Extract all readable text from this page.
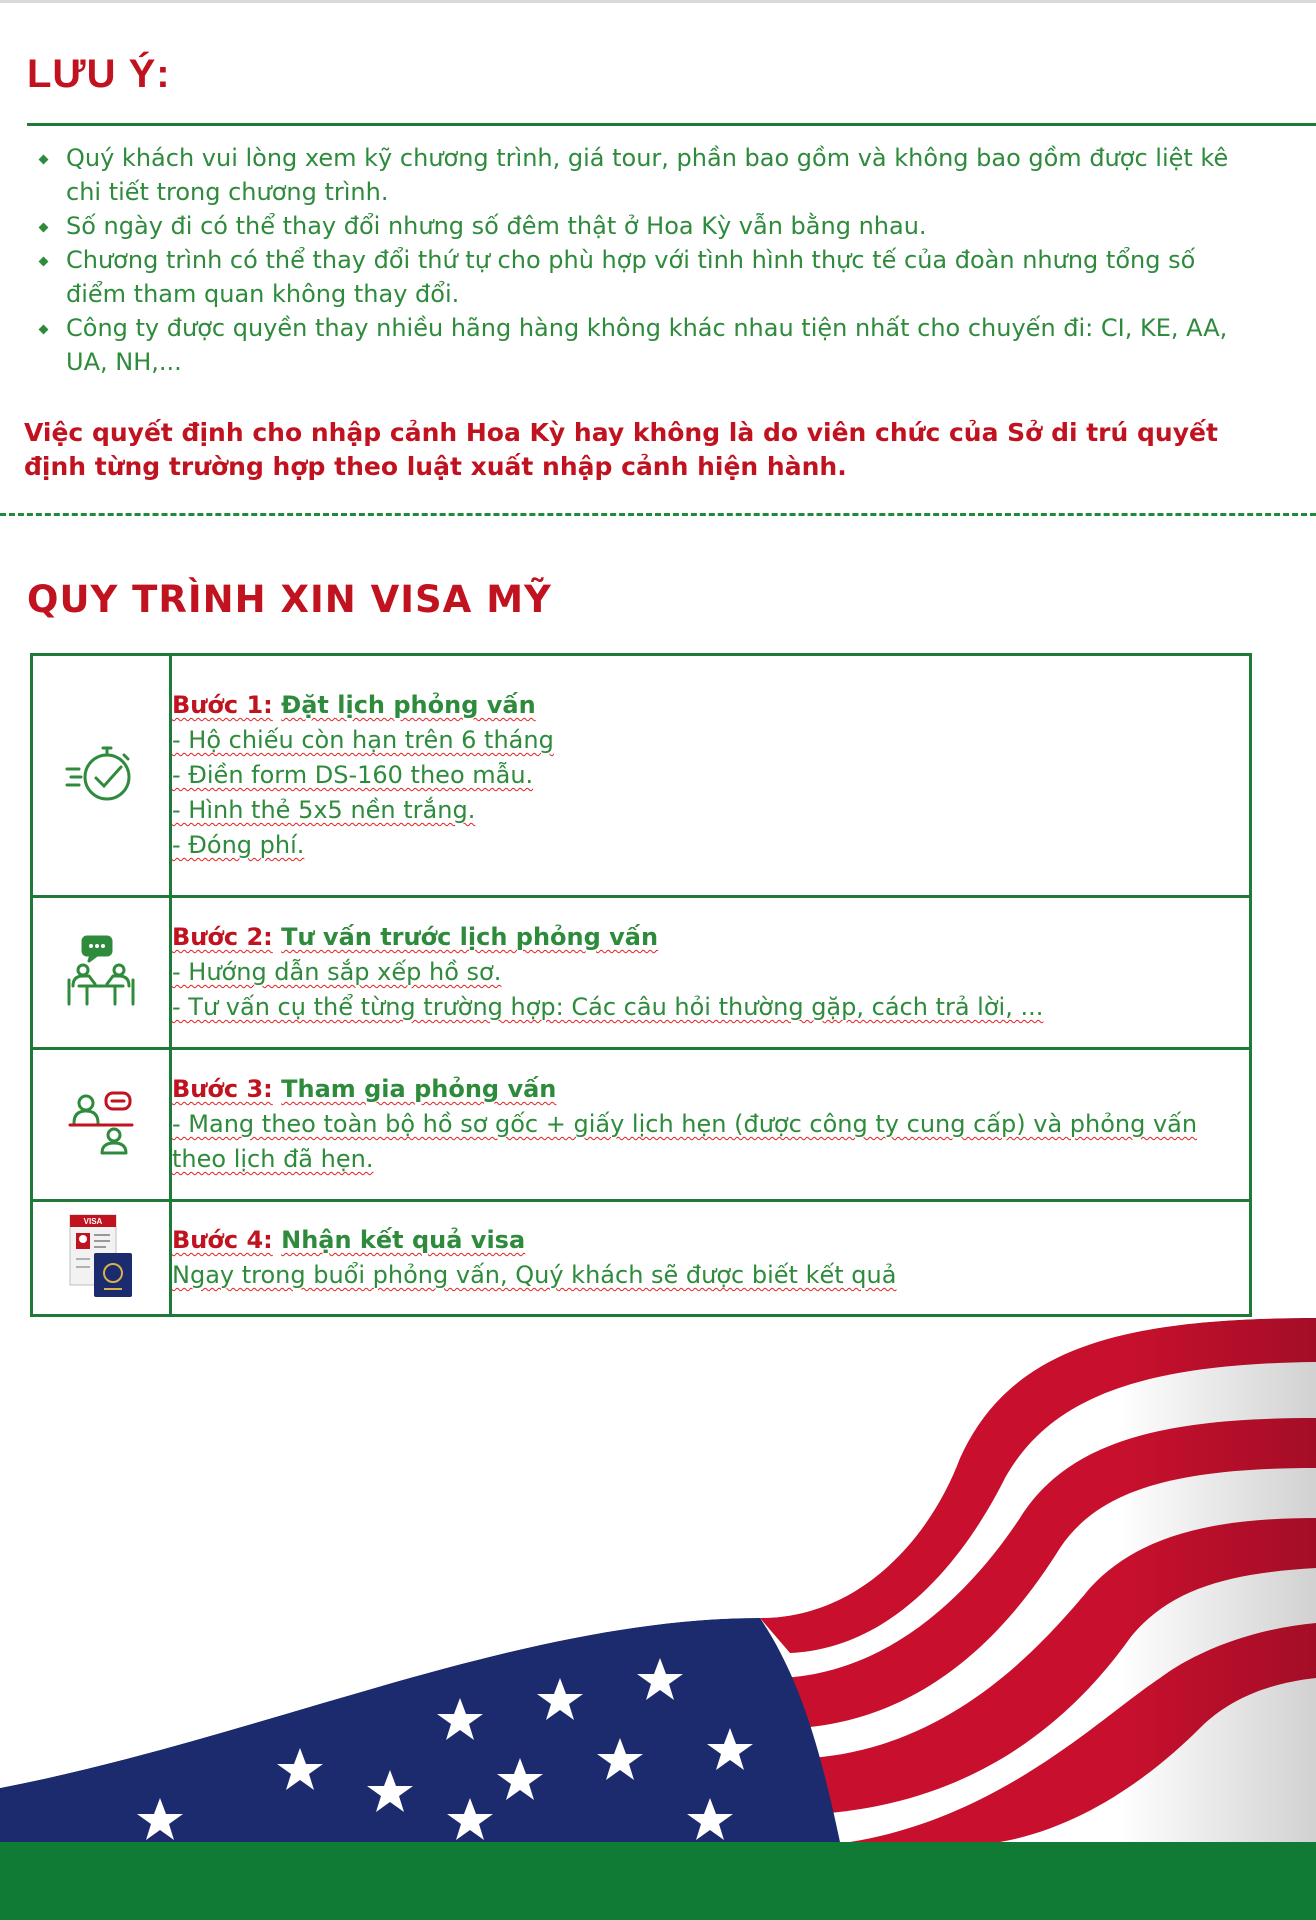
LƯU Ý:
Quý khách vui lòng xem kỹ chương trình, giá tour, phần bao gồm và không bao gồm được liệt kê chi tiết trong chương trình.
Số ngày đi có thể thay đổi nhưng số đêm thật ở Hoa Kỳ vẫn bằng nhau.
Chương trình có thể thay đổi thứ tự cho phù hợp với tình hình thực tế của đoàn nhưng tổng số điểm tham quan không thay đổi.
Công ty được quyền thay nhiều hãng hàng không khác nhau tiện nhất cho chuyến đi: CI, KE, AA, UA, NH,...

Việc quyết định cho nhập cảnh Hoa Kỳ hay không là do viên chức của Sở di trú quyết định từng trường hợp theo luật xuất nhập cảnh hiện hành.

QUY TRÌNH XIN VISA MỸ

Bước 1: Đặt lịch phỏng vấn
- Hộ chiếu còn hạn trên 6 tháng
- Điền form DS-160 theo mẫu.
- Hình thẻ 5x5 nền trắng.
- Đóng phí.

Bước 2: Tư vấn trước lịch phỏng vấn
- Hướng dẫn sắp xếp hồ sơ.
- Tư vấn cụ thể từng trường hợp: Các câu hỏi thường gặp, cách trả lời, ...

Bước 3: Tham gia phỏng vấn
- Mang theo toàn bộ hồ sơ gốc + giấy lịch hẹn (được công ty cung cấp) và phỏng vấn theo lịch đã hẹn.

VISA	Bước 4: Nhận kết quả visa
Ngay trong buổi phỏng vấn, Quý khách sẽ được biết kết quả
